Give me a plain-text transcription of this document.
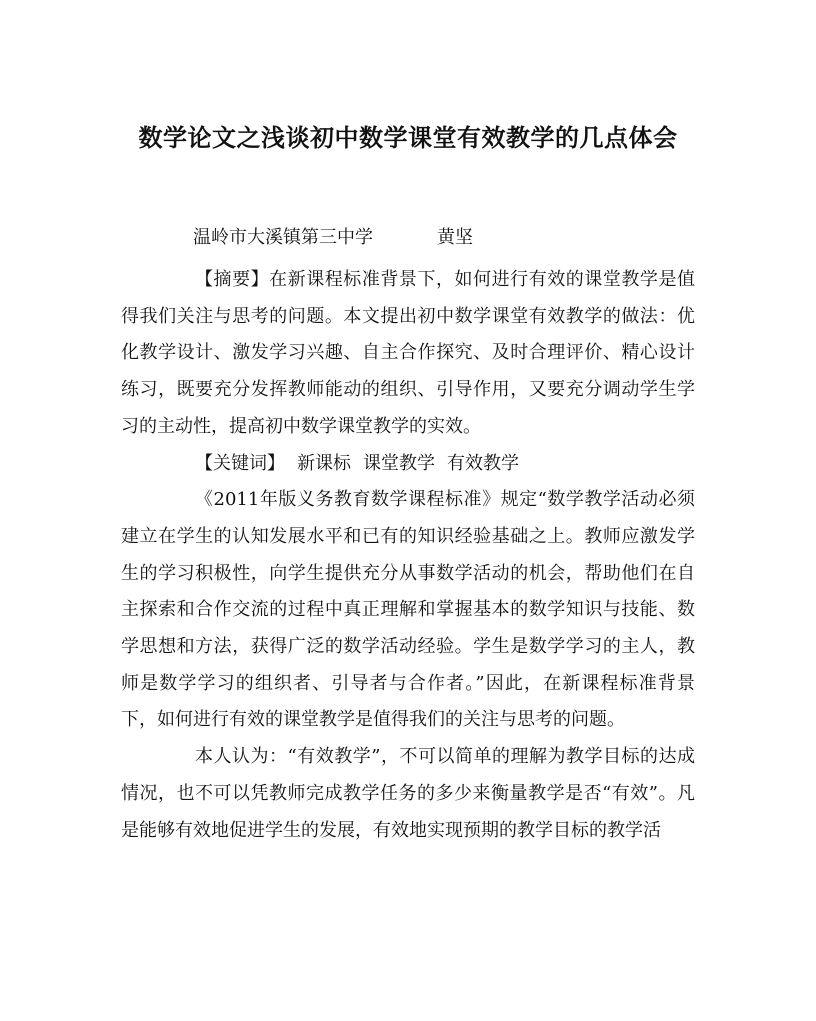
数学论文之浅谈初中数学课堂有效教学的几点体会
温岭市大溪镇第三中学	黄坚

【摘要】在新课程标准背景下，如何进行有效的课堂教学是值得我们关注与思考的问题。本文提出初中数学课堂有效教学的做法：优化教学设计、激发学习兴趣、自主合作探究、及时合理评价、精心设计练习，既要充分发挥教师能动的组织、引导作用，又要充分调动学生学习的主动性，提高初中数学课堂教学的实效。

【关键词】 新课标 课堂教学 有效教学

《2011年版义务教育数学课程标准》规定“数学教学活动必须建立在学生的认知发展水平和已有的知识经验基础之上。教师应激发学生的学习积极性，向学生提供充分从事数学活动的机会，帮助他们在自主探索和合作交流的过程中真正理解和掌握基本的数学知识与技能、数学思想和方法，获得广泛的数学活动经验。学生是数学学习的主人，教师是数学学习的组织者、引导者与合作者。”因此，在新课程标准背景下，如何进行有效的课堂教学是值得我们的关注与思考的问题。

本人认为：“有效教学”，不可以简单的理解为教学目标的达成情况，也不可以凭教师完成教学任务的多少来衡量教学是否“有效”。凡是能够有效地促进学生的发展，有效地实现预期的教学目标的教学活
